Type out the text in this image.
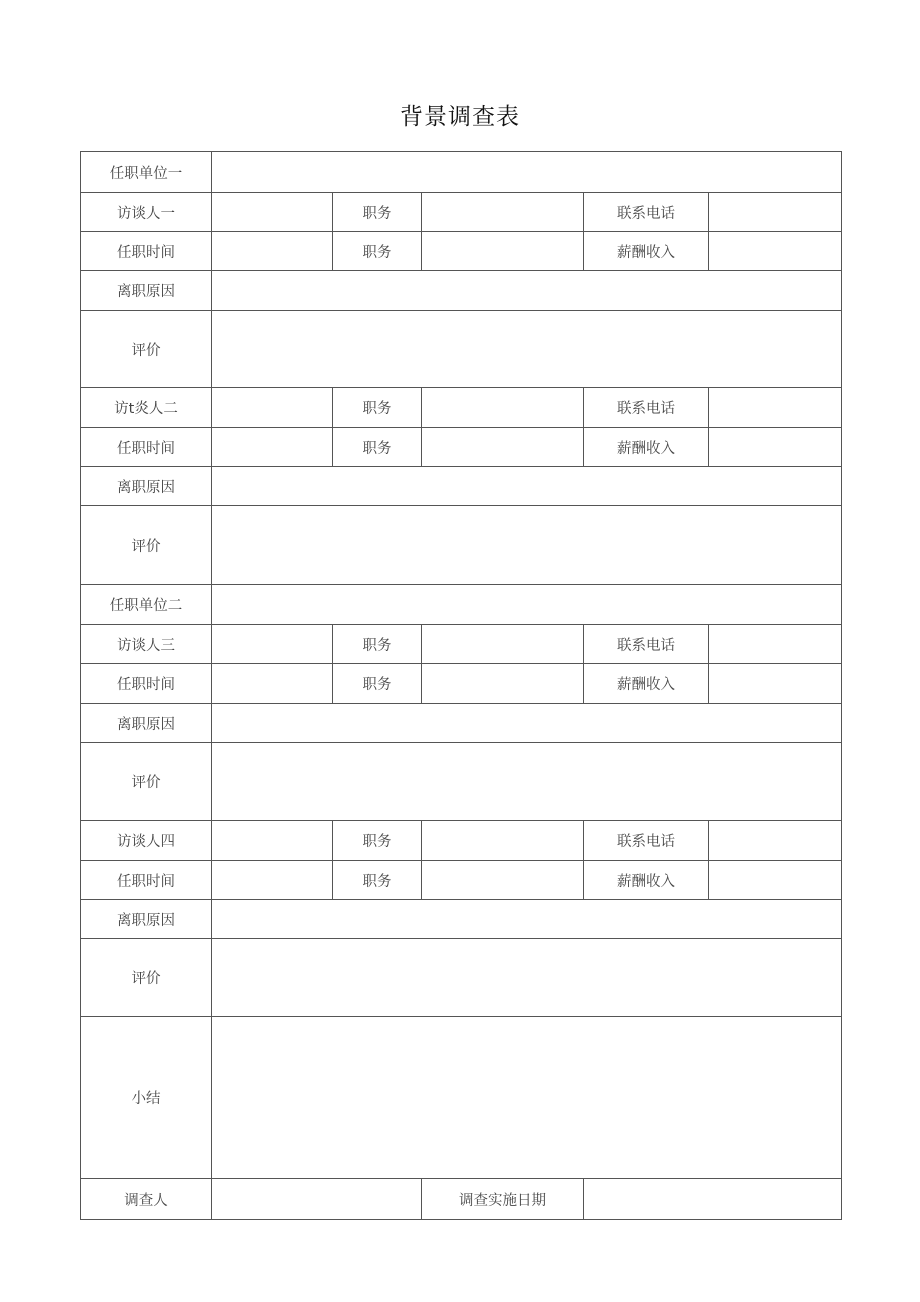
背景调查表
任职单位一					
访谈人一		职务		联系电话	
任职时间		职务		薪酬收入	
离职原因					
评价					
访t炎人二		职务		联系电话	
任职时间		职务		薪酬收入	
离职原因					
评价					
任职单位二					
访谈人三		职务		联系电话	
任职时间		职务		薪酬收入	
离职原因					
评价					
访谈人四		职务		联系电话	
任职时间		职务		薪酬收入	
离职原因					
评价					
小结					
调查人			调查实施日期		
